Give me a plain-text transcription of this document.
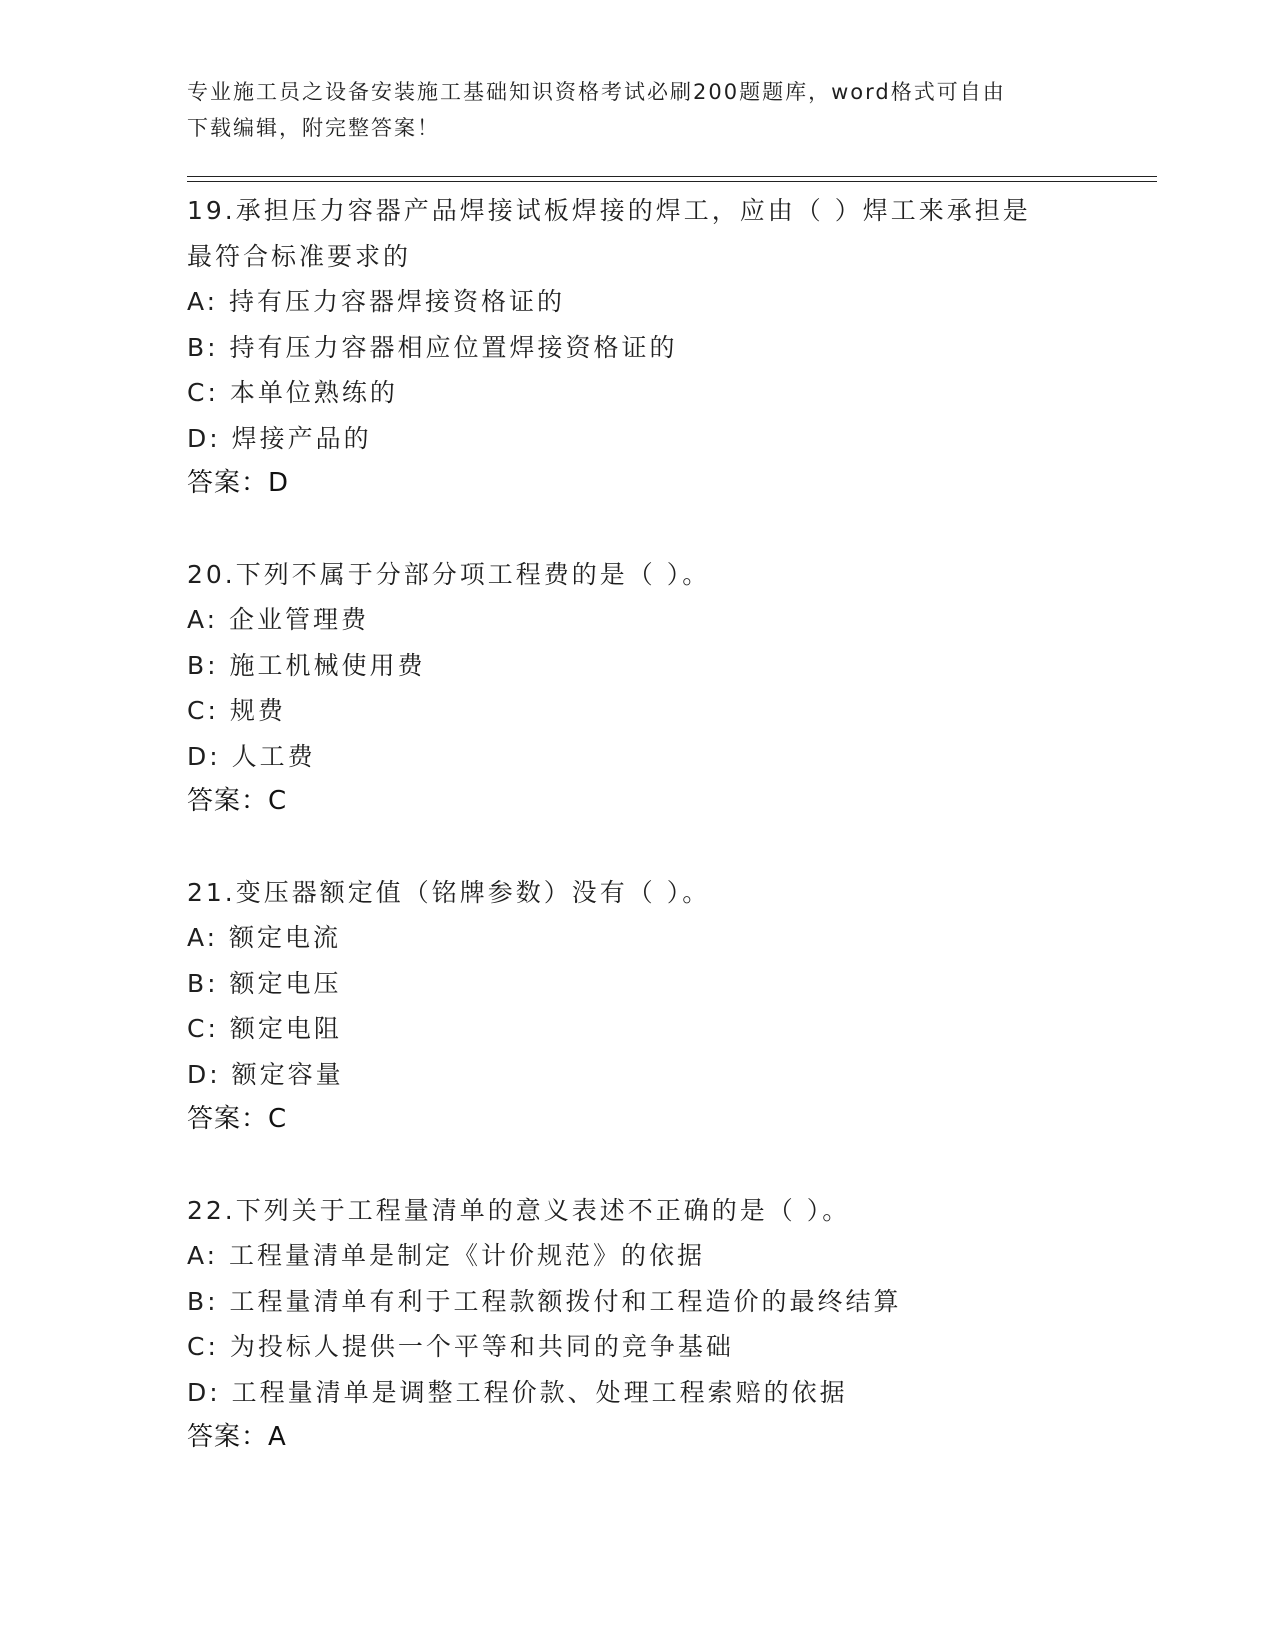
专业施工员之设备安装施工基础知识资格考试必刷200题题库，word格式可自由
下载编辑，附完整答案！
19.承担压力容器产品焊接试板焊接的焊工，应由（ ）焊工来承担是
最符合标准要求的
A: 持有压力容器焊接资格证的
B: 持有压力容器相应位置焊接资格证的
C: 本单位熟练的
D: 焊接产品的
答案：D
20.下列不属于分部分项工程费的是（ ）。
A: 企业管理费
B: 施工机械使用费
C: 规费
D: 人工费
答案：C
21.变压器额定值（铭牌参数）没有（ ）。
A: 额定电流
B: 额定电压
C: 额定电阻
D: 额定容量
答案：C
22.下列关于工程量清单的意义表述不正确的是（ ）。
A: 工程量清单是制定《计价规范》的依据
B: 工程量清单有利于工程款额拨付和工程造价的最终结算
C: 为投标人提供一个平等和共同的竞争基础
D: 工程量清单是调整工程价款、处理工程索赔的依据
答案：A
